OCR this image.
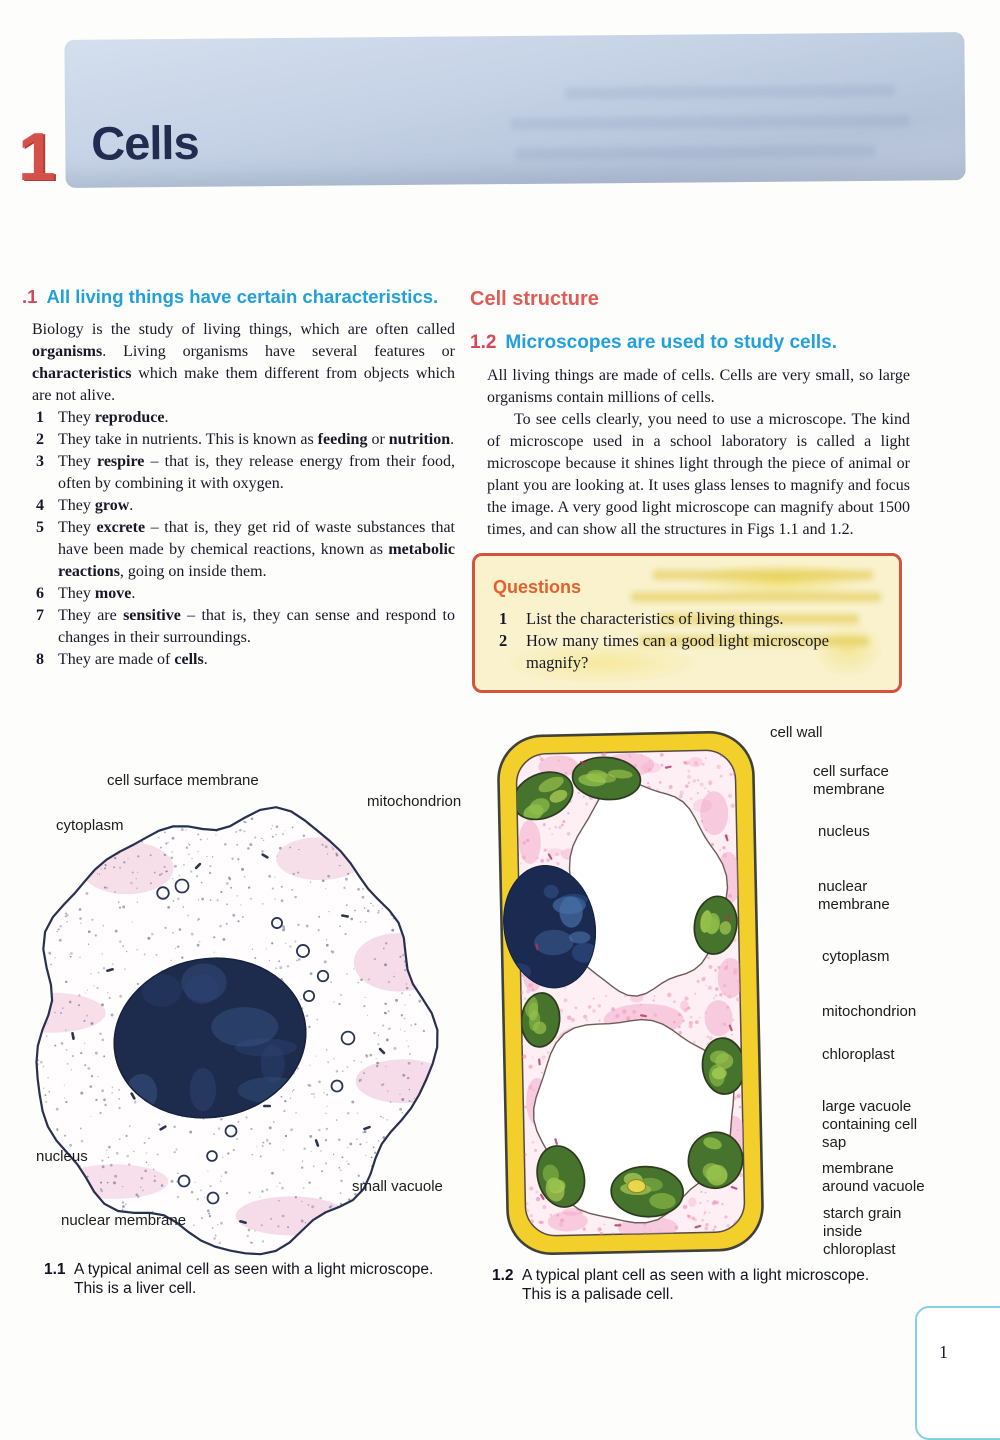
1 Cells
.1 All living things have certain characteristics.

Biology is the study of living things, which are often called organisms. Living organisms have several features or characteristics which make them different from objects which are not alive.

1 They reproduce.
2 They take in nutrients. This is known as feeding or nutrition.
3 They respire – that is, they release energy from their food, often by combining it with oxygen.
4 They grow.
5 They excrete – that is, they get rid of waste substances that have been made by chemical reactions, known as metabolic reactions, going on inside them.
6 They move.
7 They are sensitive – that is, they can sense and respond to changes in their surroundings.
8 They are made of cells.
Cell structure
1.2 Microscopes are used to study cells.

All living things are made of cells. Cells are very small, so large organisms contain millions of cells.

To see cells clearly, you need to use a microscope. The kind of microscope used in a school laboratory is called a light microscope because it shines light through the piece of animal or plant you are looking at. It uses glass lenses to magnify and focus the image. A very good light microscope can magnify about 1500 times, and can show all the structures in Figs 1.1 and 1.2.

Questions
1	List the characteristics of living things.
2	How many times can a good light microscope magnify?
cell surface membrane
mitochondrion
cytoplasm
nucleus
small vacuole
nuclear membrane
1.1 A typical animal cell as seen with a light microscope.
This is a liver cell.
cell wall
cell surface membrane
nucleus
nuclear membrane
cytoplasm
mitochondrion
chloroplast
large vacuole containing cell sap
membrane around vacuole
starch grain inside chloroplast
1.2 A typical plant cell as seen with a light microscope.
This is a palisade cell.
1
